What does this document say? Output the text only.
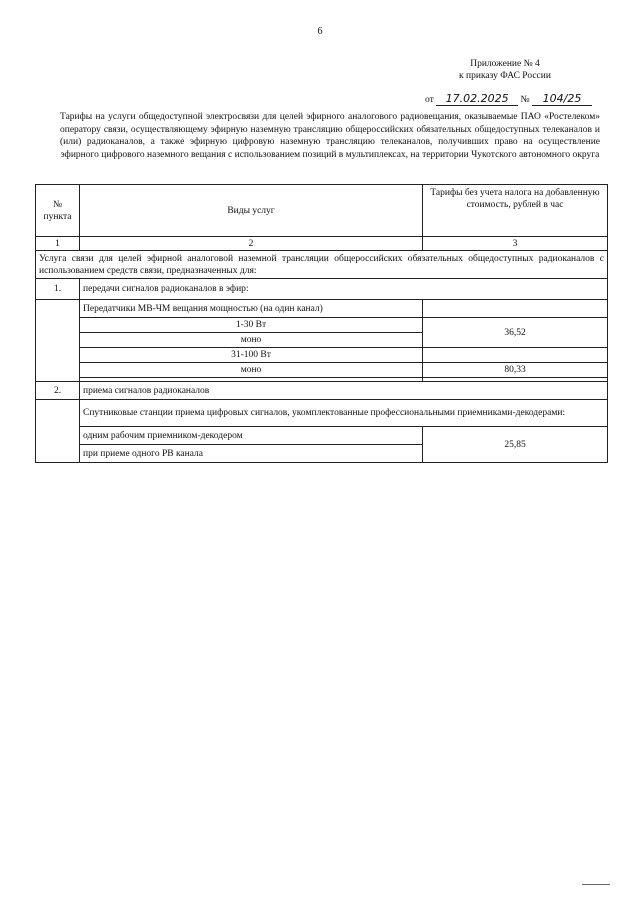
6
Приложение № 4
к приказу ФАС России
от 17.02.2025 № 104/25
Тарифы на услуги общедоступной электросвязи для целей эфирного аналогового радиовещания, оказываемые ПАО «Ростелеком» оператору связи, осуществляющему эфирную наземную трансляцию общероссийских обязательных общедоступных телеканалов и (или) радиоканалов, а также эфирную цифровую наземную трансляцию телеканалов, получивших право на осуществление эфирного цифрового наземного вещания с использованием позиций в мультиплексах, на территории Чукотского автономного округа
№ пункта	Виды услуг	Тарифы без учета налога на добавленную стоимость, рублей в час
1	2	3
Услуга связи для целей эфирной аналоговой наземной трансляции общероссийских обязательных общедоступных радиоканалов с использованием средств связи, предназначенных для:		
1.	передачи сигналов радиоканалов в эфир:	
	Передатчики МВ-ЧМ вещания мощностью (на один канал)	
	1-30 Вт	36,52
	моно	
	31-100 Вт	
	моно	80,33

2.	приема сигналов радиоканалов	
	Спутниковые станции приема цифровых сигналов, укомплектованные профессиональными приемниками-декодерами:	
	одним рабочим приемником-декодером	25,85
	при приеме одного РВ канала	
